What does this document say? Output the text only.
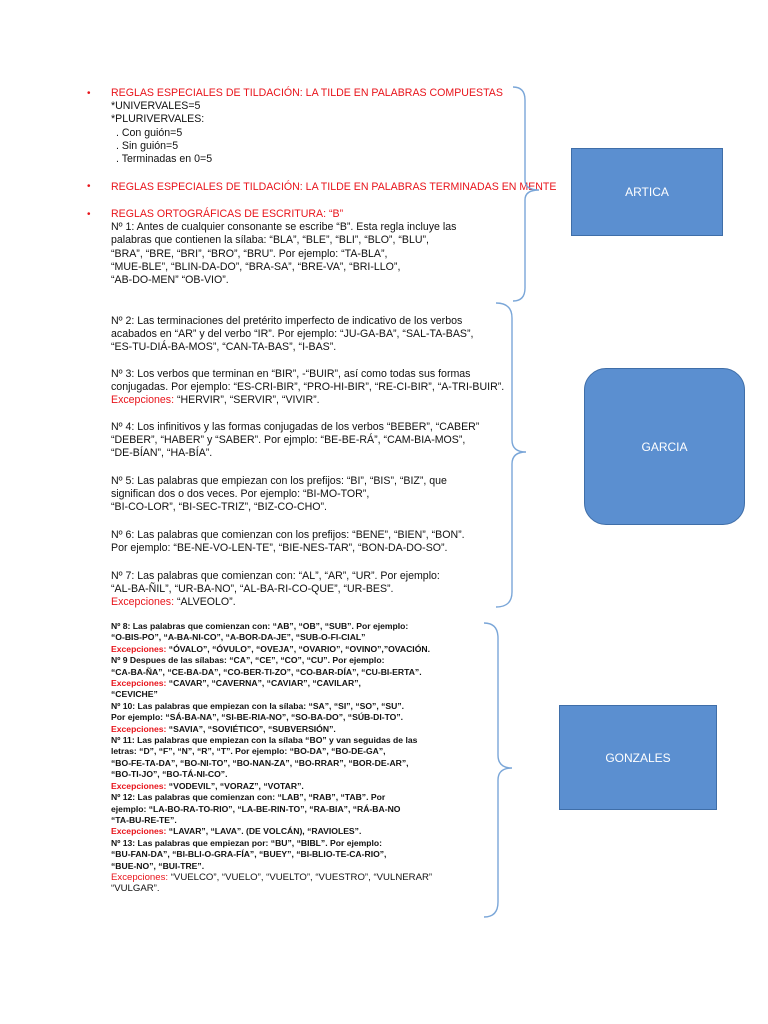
•
•
•
REGLAS ESPECIALES DE TILDACIÓN: LA TILDE EN PALABRAS COMPUESTAS
*UNIVERVALES=5
*PLURIVERVALES:
. Con guión=5
. Sin guión=5
. Terminadas en 0=5
REGLAS ESPECIALES DE TILDACIÓN: LA TILDE EN PALABRAS TERMINADAS EN MENTE
REGLAS ORTOGRÁFICAS DE ESCRITURA: “B”
Nº 1: Antes de cualquier consonante se escribe “B”. Esta regla incluye las
palabras que contienen la sílaba: “BLA”, “BLE”, “BLI”, “BLO”, “BLU”,
“BRA”, “BRE, “BRI”, “BRO”, “BRU”. Por ejemplo: “TA-BLA”,
“MUE-BLE”, “BLIN-DA-DO”, “BRA-SA”, “BRE-VA”, “BRI-LLO”,
“AB-DO-MEN” “OB-VIO”.
Nº 2: Las terminaciones del pretérito imperfecto de indicativo de los verbos
acabados en “AR” y del verbo “IR”. Por ejemplo: “JU-GA-BA”, “SAL-TA-BAS”,
“ES-TU-DIÁ-BA-MOS”, “CAN-TA-BAS”, “I-BAS”.
Nº 3: Los verbos que terminan en “BIR”, -“BUIR”, así como todas sus formas
conjugadas. Por ejemplo: “ES-CRI-BIR”, “PRO-HI-BIR”, “RE-CI-BIR”, “A-TRI-BUIR”.
Excepciones: “HERVIR”, “SERVIR”, “VIVIR”.
Nº 4: Los infinitivos y las formas conjugadas de los verbos “BEBER”, “CABER”
“DEBER”, “HABER” y “SABER”. Por ejmplo: “BE-BE-RÁ”, “CAM-BIA-MOS”,
“DE-BÍAN”, “HA-BÍA”.
Nº 5: Las palabras que empiezan con los prefijos: “BI”, “BIS”, “BIZ”, que
significan dos o dos veces. Por ejemplo: “BI-MO-TOR”,
“BI-CO-LOR”, “BI-SEC-TRIZ”, “BIZ-CO-CHO”.
Nº 6: Las palabras que comienzan con los prefijos: “BENE”, “BIEN”, “BON”.
Por ejemplo: “BE-NE-VO-LEN-TE”, “BIE-NES-TAR”, “BON-DA-DO-SO”.
Nº 7: Las palabras que comienzan con: “AL”, “AR”, “UR”. Por ejemplo:
“AL-BA-ÑIL”, “UR-BA-NO”, “AL-BA-RI-CO-QUE”, “UR-BES”.
Excepciones: “ALVEOLO”.
Nº 8: Las palabras que comienzan con: “AB”, “OB”, “SUB”. Por ejemplo:
“O-BIS-PO”, “A-BA-NI-CO”, “A-BOR-DA-JE”, “SUB-O-FI-CIAL”
Excepciones: “ÓVALO”, “ÓVULO”, “OVEJA”, “OVARIO”, “OVINO”,”OVACIÓN.
Nº 9 Despues de las sílabas: “CA”, “CE”, “CO”, “CU”. Por ejemplo:
“CA-BA-ÑA”, “CE-BA-DA”, “CO-BER-TI-ZO”, “CO-BAR-DÍA”, “CU-BI-ERTA”.
Excepciones: “CAVAR”, “CAVERNA”, “CAVIAR”, “CAVILAR”,
“CEVICHE”
Nº 10: Las palabras que empiezan con la sílaba: “SA”, “SI”, “SO”, “SU”.
Por ejemplo: “SÁ-BA-NA”, “SI-BE-RIA-NO”, “SO-BA-DO”, “SÚB-DI-TO”.
Excepciones: “SAVIA”, “SOVIÉTICO”, “SUBVERSIÓN”.
Nº 11: Las palabras que empiezan con la sílaba “BO” y van seguidas de las
letras: “D”, “F”, “N”, “R”, “T”. Por ejemplo: “BO-DA”, “BO-DE-GA”,
“BO-FE-TA-DA”, “BO-NI-TO”, “BO-NAN-ZA”, “BO-RRAR”, “BOR-DE-AR”,
“BO-TI-JO”, “BO-TÁ-NI-CO”.
Excepciones: “VODEVIL”, “VORAZ”, “VOTAR”.
Nº 12: Las palabras que comienzan con: “LAB”, “RAB”, “TAB”. Por
ejemplo: “LA-BO-RA-TO-RIO”, “LA-BE-RIN-TO”, “RA-BIA”, “RÁ-BA-NO
“TA-BU-RE-TE”.
Excepciones: “LAVAR”, “LAVA”. (DE VOLCÁN), “RAVIOLES”.
Nº 13: Las palabras que empiezan por: “BU”, “BIBL”. Por ejemplo:
“BU-FAN-DA”, “BI-BLI-O-GRA-FÍA”, “BUEY”, “BI-BLIO-TE-CA-RIO”,
“BUE-NO”, “BUI-TRE”.
Excepciones: “VUELCO”, “VUELO”, “VUELTO”, “VUESTRO”, “VULNERAR”
“VULGAR”.
ARTICA
GARCIA
GONZALES
